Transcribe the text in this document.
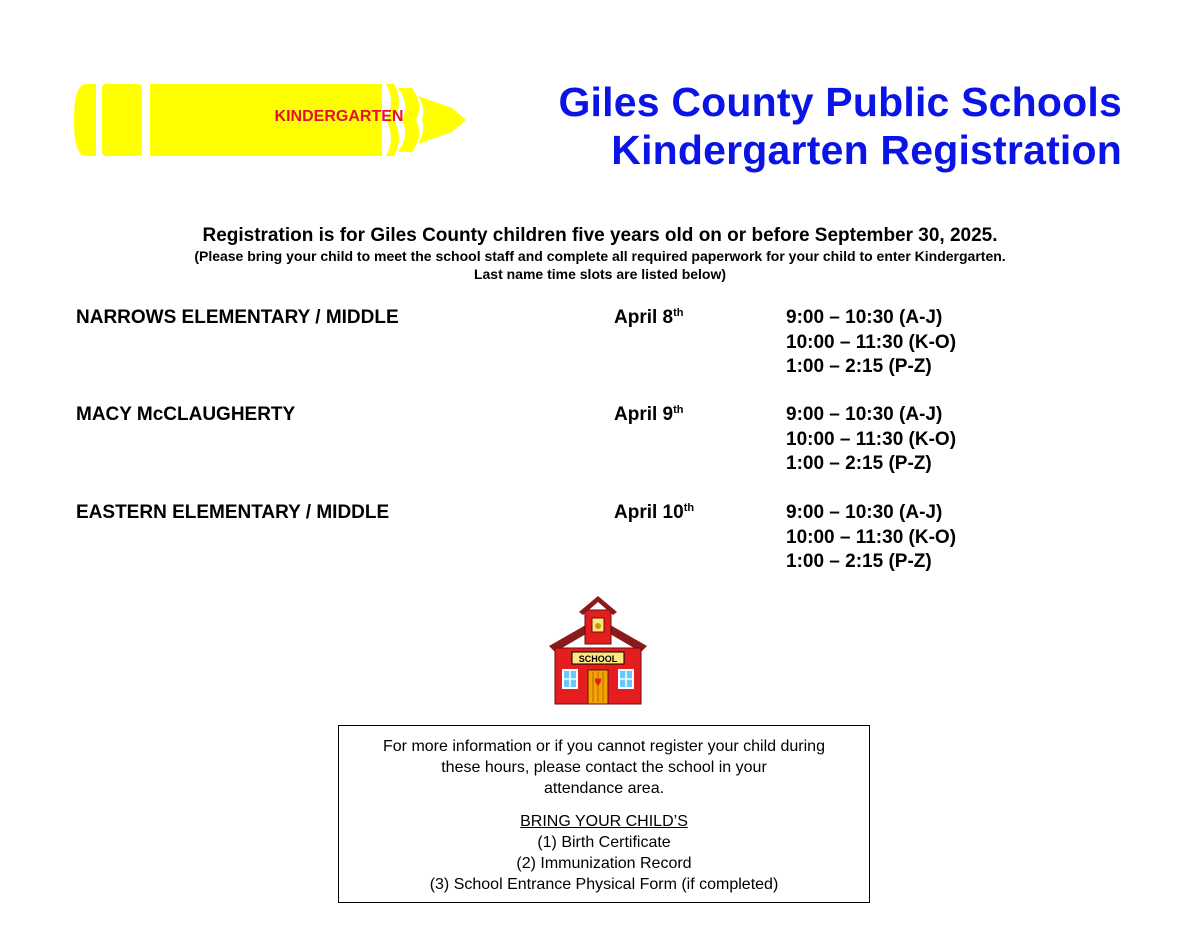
KINDERGARTEN	Giles County Public Schools
Kindergarten Registration
Registration is for Giles County children five years old on or before September 30, 2025.
(Please bring your child to meet the school staff and complete all required paperwork for your child to enter Kindergarten.
Last name time slots are listed below)
NARROWS ELEMENTARY / MIDDLE	April 8th	9:00 – 10:30 (A-J)
10:00 – 11:30 (K-O)
1:00 – 2:15 (P-Z)
MACY McCLAUGHERTY	April 9th	9:00 – 10:30 (A-J)
10:00 – 11:30 (K-O)
1:00 – 2:15 (P-Z)
EASTERN ELEMENTARY / MIDDLE	April 10th	9:00 – 10:30 (A-J)
10:00 – 11:30 (K-O)
1:00 – 2:15 (P-Z)
SCHOOL

For more information or if you cannot register your child during

these hours, please contact the school in your

attendance area.

BRING YOUR CHILD’S

(1) Birth Certificate

(2) Immunization Record

(3) School Entrance Physical Form (if completed)
